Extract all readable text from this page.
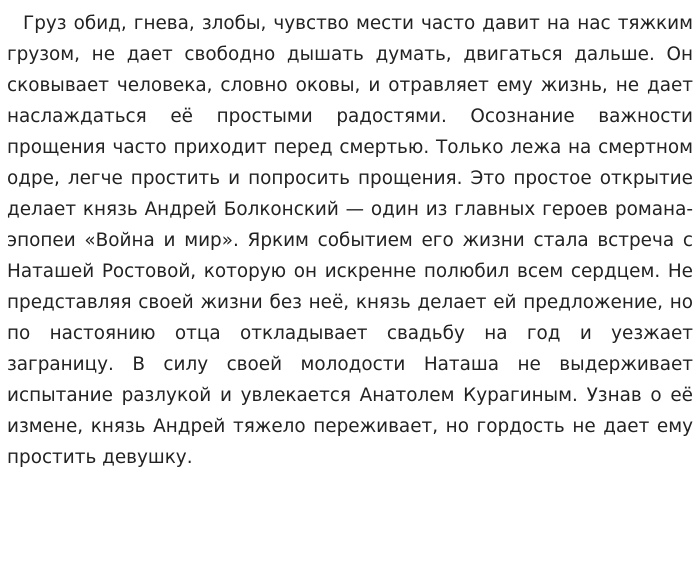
Груз обид, гнева, злобы, чувство мести часто давит на нас тяжким грузом, не дает свободно дышать думать, двигаться дальше. Он сковывает человека, словно оковы, и отравляет ему жизнь, не дает наслаждаться её простыми радостями. Осознание важности прощения часто приходит перед смертью. Только лежа на смертном одре, легче простить и попросить прощения. Это простое открытие делает князь Андрей Болконский — один из главных героев романа-эпопеи «Война и мир». Ярким событием его жизни стала встреча с Наташей Ростовой, которую он искренне полюбил всем сердцем. Не представляя своей жизни без неё, князь делает ей предложение, но по настоянию отца откладывает свадьбу на год и уезжает заграницу. В силу своей молодости Наташа не выдерживает испытание разлукой и увлекается Анатолем Курагиным. Узнав о её измене, князь Андрей тяжело переживает, но гордость не дает ему простить девушку.
